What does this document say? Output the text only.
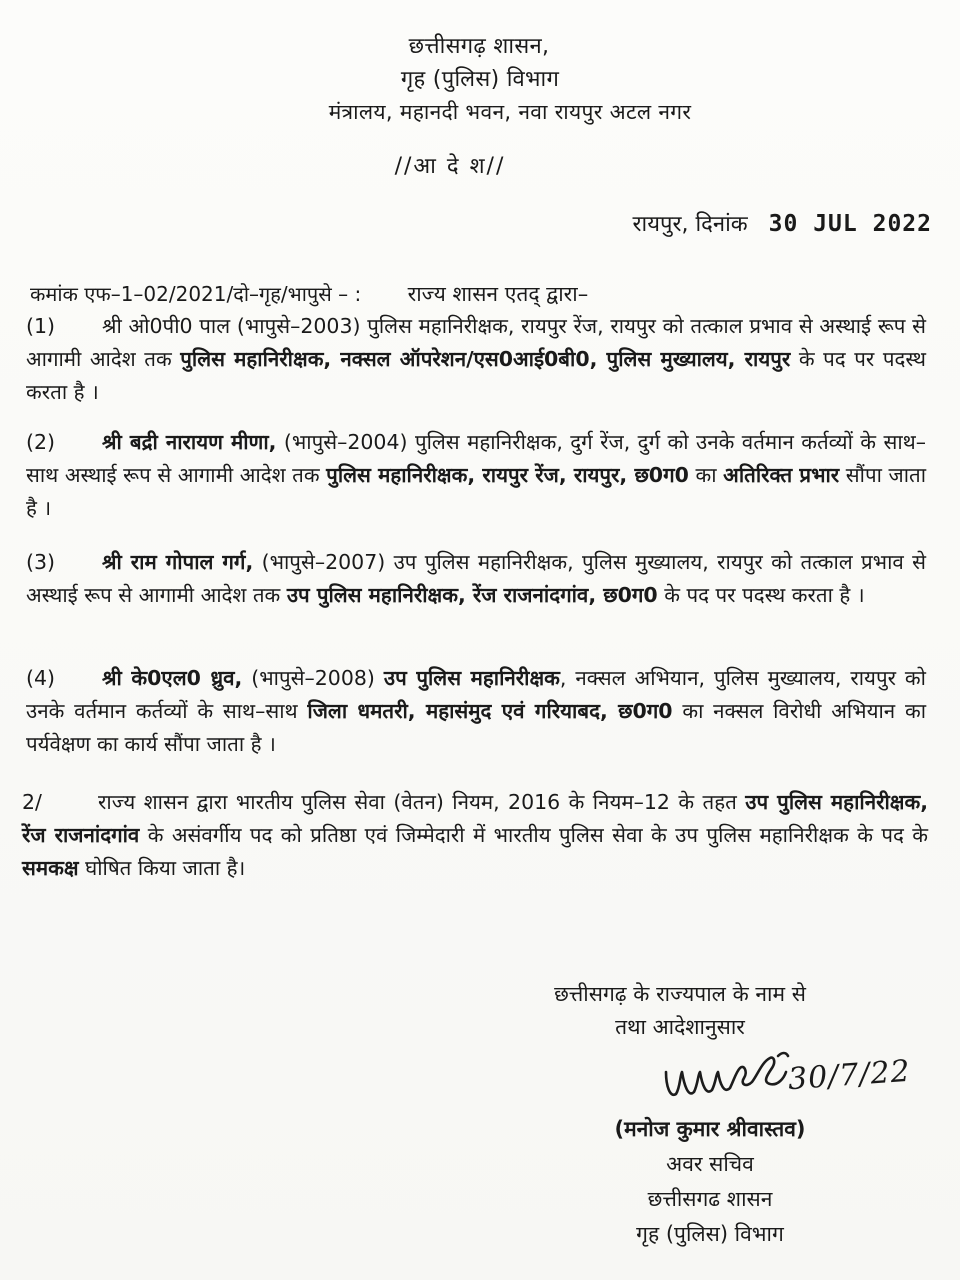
छत्तीसगढ़ शासन,
गृह (पुलिस) विभाग
मंत्रालय, महानदी भवन, नवा रायपुर अटल नगर
//आ दे श//
रायपुर, दिनांक 30 JUL 2022
कमांक एफ–1–02/2021/दो–गृह/भापुसे – : राज्य शासन एतद् द्वारा–
(1) श्री ओ0पी0 पाल (भापुसे–2003) पुलिस महानिरीक्षक, रायपुर रेंज, रायपुर को तत्काल प्रभाव से अस्थाई रूप से आगामी आदेश तक पुलिस महानिरीक्षक, नक्सल ऑपरेशन/एस0आई0बी0, पुलिस मुख्यालय, रायपुर के पद पर पदस्थ करता है ।
(2) श्री बद्री नारायण मीणा, (भापुसे–2004) पुलिस महानिरीक्षक, दुर्ग रेंज, दुर्ग को उनके वर्तमान कर्तव्यों के साथ–साथ अस्थाई रूप से आगामी आदेश तक पुलिस महानिरीक्षक, रायपुर रेंज, रायपुर, छ0ग0 का अतिरिक्त प्रभार सौंपा जाता है ।
(3) श्री राम गोपाल गर्ग, (भापुसे–2007) उप पुलिस महानिरीक्षक, पुलिस मुख्यालय, रायपुर को तत्काल प्रभाव से अस्थाई रूप से आगामी आदेश तक उप पुलिस महानिरीक्षक, रेंज राजनांदगांव, छ0ग0 के पद पर पदस्थ करता है ।
(4) श्री के0एल0 ध्रुव, (भापुसे–2008) उप पुलिस महानिरीक्षक, नक्सल अभियान, पुलिस मुख्यालय, रायपुर को उनके वर्तमान कर्तव्यों के साथ–साथ जिला धमतरी, महासंमुद एवं गरियाबद, छ0ग0 का नक्सल विरोधी अभियान का पर्यवेक्षण का कार्य सौंपा जाता है ।
2/	राज्य शासन द्वारा भारतीय पुलिस सेवा (वेतन) नियम, 2016 के नियम–12 के तहत उप पुलिस महानिरीक्षक, रेंज राजनांदगांव के असंवर्गीय पद को प्रतिष्ठा एवं जिम्मेदारी में भारतीय पुलिस सेवा के उप पुलिस महानिरीक्षक के पद के समकक्ष घोषित किया जाता है।
छत्तीसगढ़ के राज्यपाल के नाम से
तथा आदेशानुसार
30/7/22
(मनोज कुमार श्रीवास्तव)
अवर सचिव
छत्तीसगढ शासन
गृह (पुलिस) विभाग
